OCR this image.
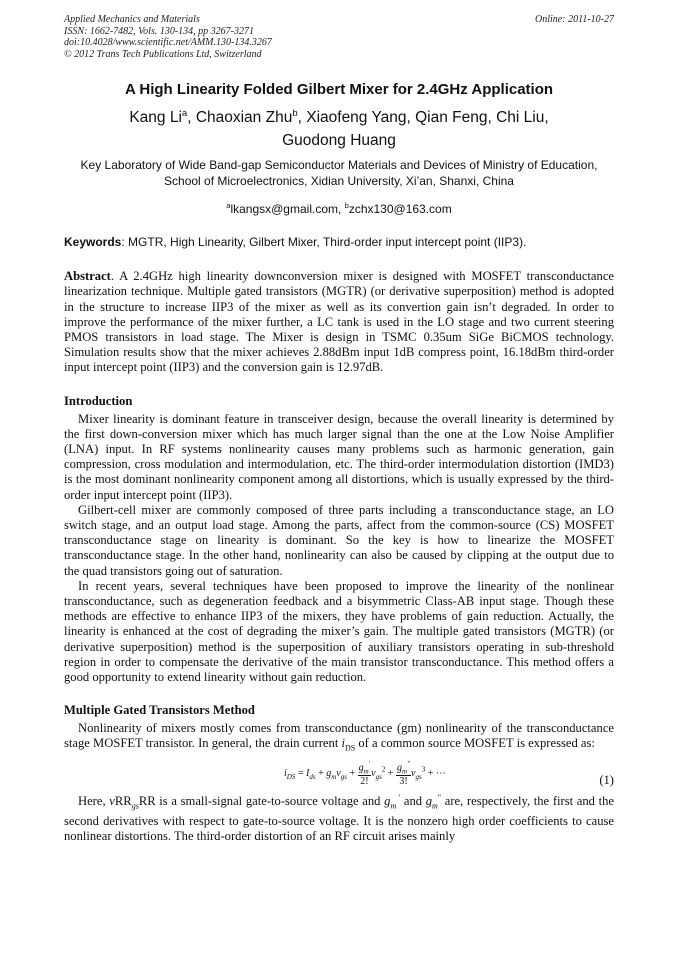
Applied Mechanics and Materials	Online: 2011-10-27
ISSN: 1662-7482, Vols. 130-134, pp 3267-3271
doi:10.4028/www.scientific.net/AMM.130-134.3267
© 2012 Trans Tech Publications Ltd, Switzerland
A High Linearity Folded Gilbert Mixer for 2.4GHz Application
Kang Li$^a$, Chaoxian Zhu$^b$, Xiaofeng Yang, Qian Feng, Chi Liu,
Guodong Huang
Key Laboratory of Wide Band-gap Semiconductor Materials and Devices of Ministry of Education,
School of Microelectronics, Xidian University, Xi’an, Shanxi, China
$^a$lkangsx@gmail.com, $^b$zchx130@163.com
Keywords: MGTR, High Linearity, Gilbert Mixer, Third-order input intercept point (IIP3).
Abstract. A 2.4GHz high linearity downconversion mixer is designed with MOSFET transconductance linearization technique. Multiple gated transistors (MGTR) (or derivative superposition) method is adopted in the structure to increase IIP3 of the mixer as well as its convertion gain isn’t degraded. In order to improve the performance of the mixer further, a LC tank is used in the LO stage and two current steering PMOS transistors in load stage. The Mixer is design in TSMC 0.35um SiGe BiCMOS technology. Simulation results show that the mixer achieves 2.88dBm input 1dB compress point, 16.18dBm third-order input intercept point (IIP3) and the conversion gain is 12.97dB.
Introduction

Mixer linearity is dominant feature in transceiver design, because the overall linearity is determined by the first down-conversion mixer which has much larger signal than the one at the Low Noise Amplifier (LNA) input. In RF systems nonlinearity causes many problems such as harmonic generation, gain compression, cross modulation and intermodulation, etc. The third-order intermodulation distortion (IMD3) is the most dominant nonlinearity component among all distortions, which is usually expressed by the third-order input intercept point (IIP3).

Gilbert-cell mixer are commonly composed of three parts including a transconductance stage, an LO switch stage, and an output load stage. Among the parts, affect from the common-source (CS) MOSFET transconductance stage on linearity is dominant. So the key is how to linearize the MOSFET transconductance stage. In the other hand, nonlinearity can also be caused by clipping at the output due to the quad transistors going out of saturation.

In recent years, several techniques have been proposed to improve the linearity of the nonlinear transconductance, such as degeneration feedback and a bisymmetric Class-AB input stage. Though these methods are effective to enhance IIP3 of the mixers, they have problems of gain reduction. Actually, the linearity is enhanced at the cost of degrading the mixer’s gain. The multiple gated transistors (MGTR) (or derivative superposition) method is the superposition of auxiliary transistors operating in sub-threshold region in order to compensate the derivative of the main transistor transconductance. This method offers a good opportunity to extend linearity without gain reduction.

Multiple Gated Transistors Method

Nonlinearity of mixers mostly comes from transconductance (gm) nonlinearity of the transconductance stage MOSFET transistor. In general, the drain current $i_{DS}$ of a common source MOSFET is expressed as:

$i_{DS} = I_{ds} + g_mv_{gs} + \frac{g_m'}{2!} v_{gs}^2 + \frac{g_m^"}{3!} v_{gs}^3$ + ⋯	(1)

Here, vRR$_{gs}$RR is a small-signal gate-to-source voltage and $g_m$ ' and $g_m^"$ are, respectively, the first and the second derivatives with respect to gate-to-source voltage. It is the nonzero high order coefficients to cause nonlinear distortions. The third-order distortion of an RF circuit arises mainly
